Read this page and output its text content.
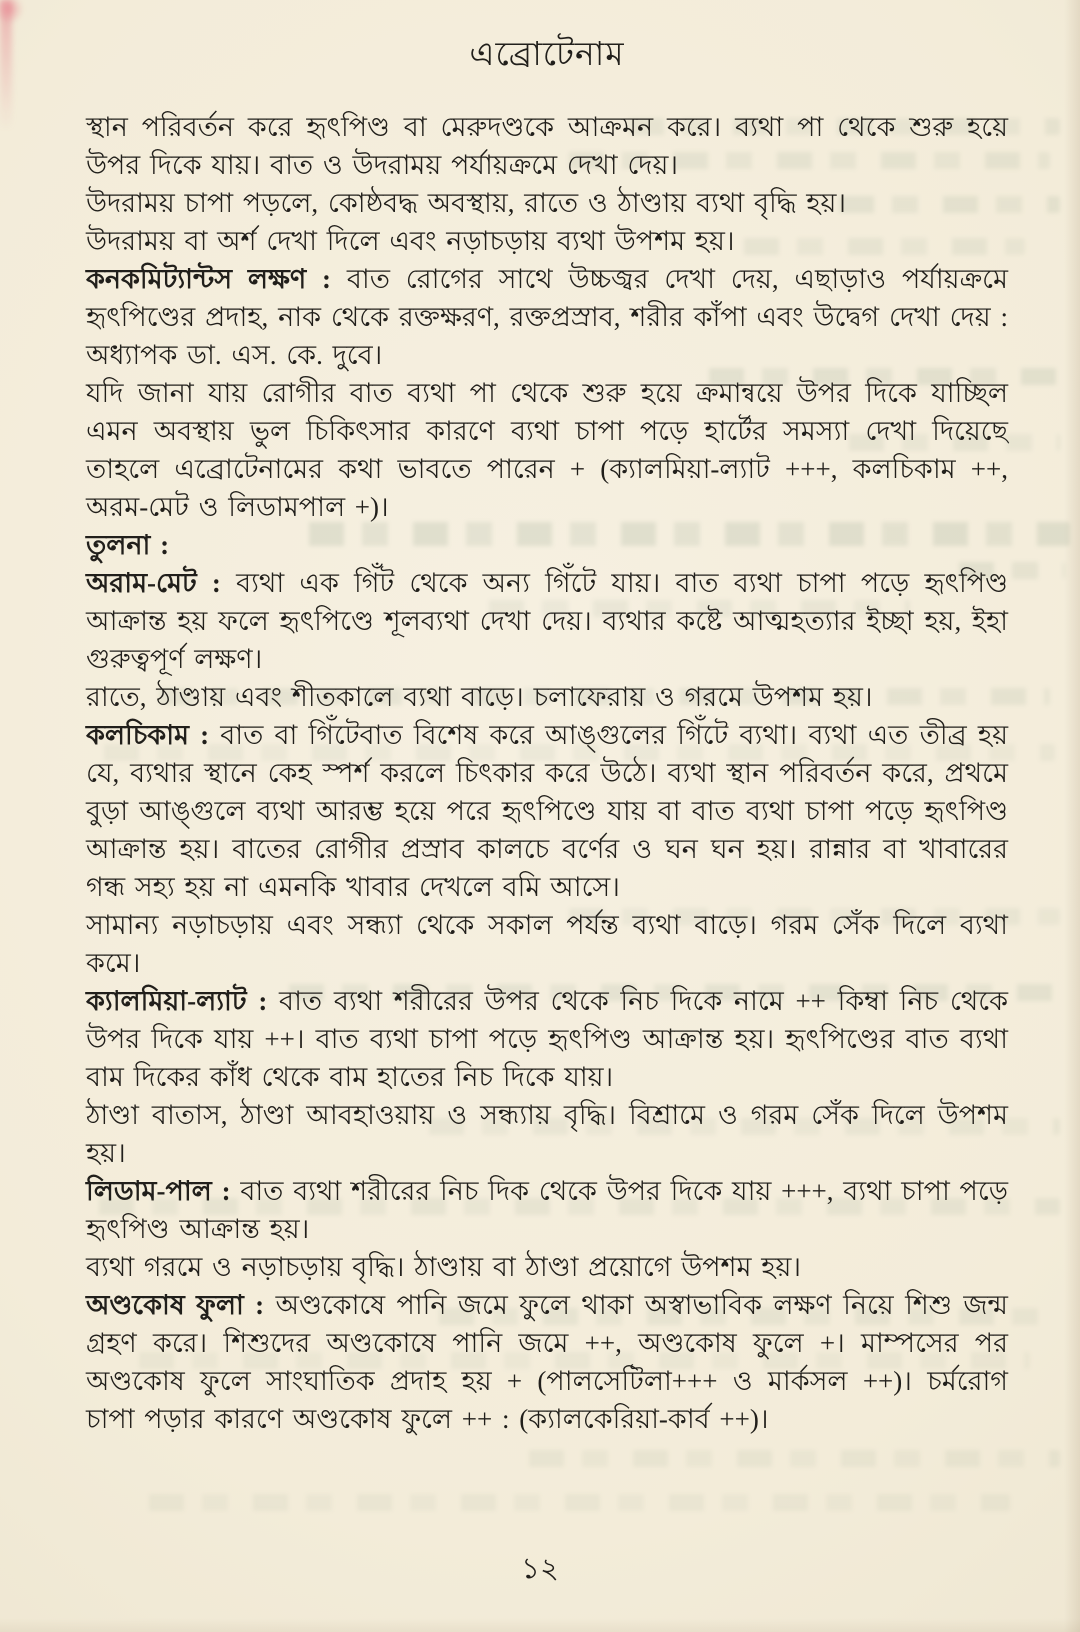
এব্রোটেনাম

স্থান পরিবর্তন করে হৃৎপিণ্ড বা মেরুদণ্ডকে আক্রমন করে। ব্যথা পা থেকে শুরু হয়ে উপর দিকে যায়। বাত ও উদরাময় পর্যায়ক্রমে দেখা দেয়।

উদরাময় চাপা পড়লে, কোষ্ঠবদ্ধ অবস্থায়, রাতে ও ঠাণ্ডায় ব্যথা বৃদ্ধি হয়।

উদরাময় বা অর্শ দেখা দিলে এবং নড়াচড়ায় ব্যথা উপশম হয়।

কনকমিট্যান্টস লক্ষণ : বাত রোগের সাথে উচ্চজ্বর দেখা দেয়, এছাড়াও পর্যায়ক্রমে হৃৎপিণ্ডের প্রদাহ, নাক থেকে রক্তক্ষরণ, রক্তপ্রস্রাব, শরীর কাঁপা এবং উদ্বেগ দেখা দেয় : অধ্যাপক ডা. এস. কে. দুবে।

যদি জানা যায় রোগীর বাত ব্যথা পা থেকে শুরু হয়ে ক্রমান্বয়ে উপর দিকে যাচ্ছিল এমন অবস্থায় ভুল চিকিৎসার কারণে ব্যথা চাপা পড়ে হার্টের সমস্যা দেখা দিয়েছে তাহলে এব্রোটেনামের কথা ভাবতে পারেন + (ক্যালমিয়া-ল্যাট +++, কলচিকাম ++, অরম-মেট ও লিডামপাল +)।

তুলনা :

অরাম-মেট : ব্যথা এক গিঁট থেকে অন্য গিঁটে যায়। বাত ব্যথা চাপা পড়ে হৃৎপিণ্ড আক্রান্ত হয় ফলে হৃৎপিণ্ডে শূলব্যথা দেখা দেয়। ব্যথার কষ্টে আত্মহত্যার ইচ্ছা হয়, ইহা গুরুত্বপূর্ণ লক্ষণ।

রাতে, ঠাণ্ডায় এবং শীতকালে ব্যথা বাড়ে। চলাফেরায় ও গরমে উপশম হয়।

কলচিকাম : বাত বা গিঁটেবাত বিশেষ করে আঙ্গুলের গিঁটে ব্যথা। ব্যথা এত তীব্র হয় যে, ব্যথার স্থানে কেহ স্পর্শ করলে চিৎকার করে উঠে। ব্যথা স্থান পরিবর্তন করে, প্রথমে বুড়া আঙ্গুলে ব্যথা আরম্ভ হয়ে পরে হৃৎপিণ্ডে যায় বা বাত ব্যথা চাপা পড়ে হৃৎপিণ্ড আক্রান্ত হয়। বাতের রোগীর প্রস্রাব কালচে বর্ণের ও ঘন ঘন হয়। রান্নার বা খাবারের গন্ধ সহ্য হয় না এমনকি খাবার দেখলে বমি আসে।

সামান্য নড়াচড়ায় এবং সন্ধ্যা থেকে সকাল পর্যন্ত ব্যথা বাড়ে। গরম সেঁক দিলে ব্যথা কমে।

ক্যালমিয়া-ল্যাট : বাত ব্যথা শরীরের উপর থেকে নিচ দিকে নামে ++ কিম্বা নিচ থেকে উপর দিকে যায় ++। বাত ব্যথা চাপা পড়ে হৃৎপিণ্ড আক্রান্ত হয়। হৃৎপিণ্ডের বাত ব্যথা বাম দিকের কাঁধ থেকে বাম হাতের নিচ দিকে যায়।

ঠাণ্ডা বাতাস, ঠাণ্ডা আবহাওয়ায় ও সন্ধ্যায় বৃদ্ধি। বিশ্রামে ও গরম সেঁক দিলে উপশম হয়।

লিডাম-পাল : বাত ব্যথা শরীরের নিচ দিক থেকে উপর দিকে যায় +++, ব্যথা চাপা পড়ে হৃৎপিণ্ড আক্রান্ত হয়।

ব্যথা গরমে ও নড়াচড়ায় বৃদ্ধি। ঠাণ্ডায় বা ঠাণ্ডা প্রয়োগে উপশম হয়।

অণ্ডকোষ ফুলা : অণ্ডকোষে পানি জমে ফুলে থাকা অস্বাভাবিক লক্ষণ নিয়ে শিশু জন্ম গ্রহণ করে। শিশুদের অণ্ডকোষে পানি জমে ++, অণ্ডকোষ ফুলে +। মাম্পসের পর অণ্ডকোষ ফুলে সাংঘাতিক প্রদাহ হয় + (পালসেটিলা+++ ও মার্কসল ++)। চর্মরোগ চাপা পড়ার কারণে অণ্ডকোষ ফুলে ++ : (ক্যালকেরিয়া-কার্ব ++)।

১২
